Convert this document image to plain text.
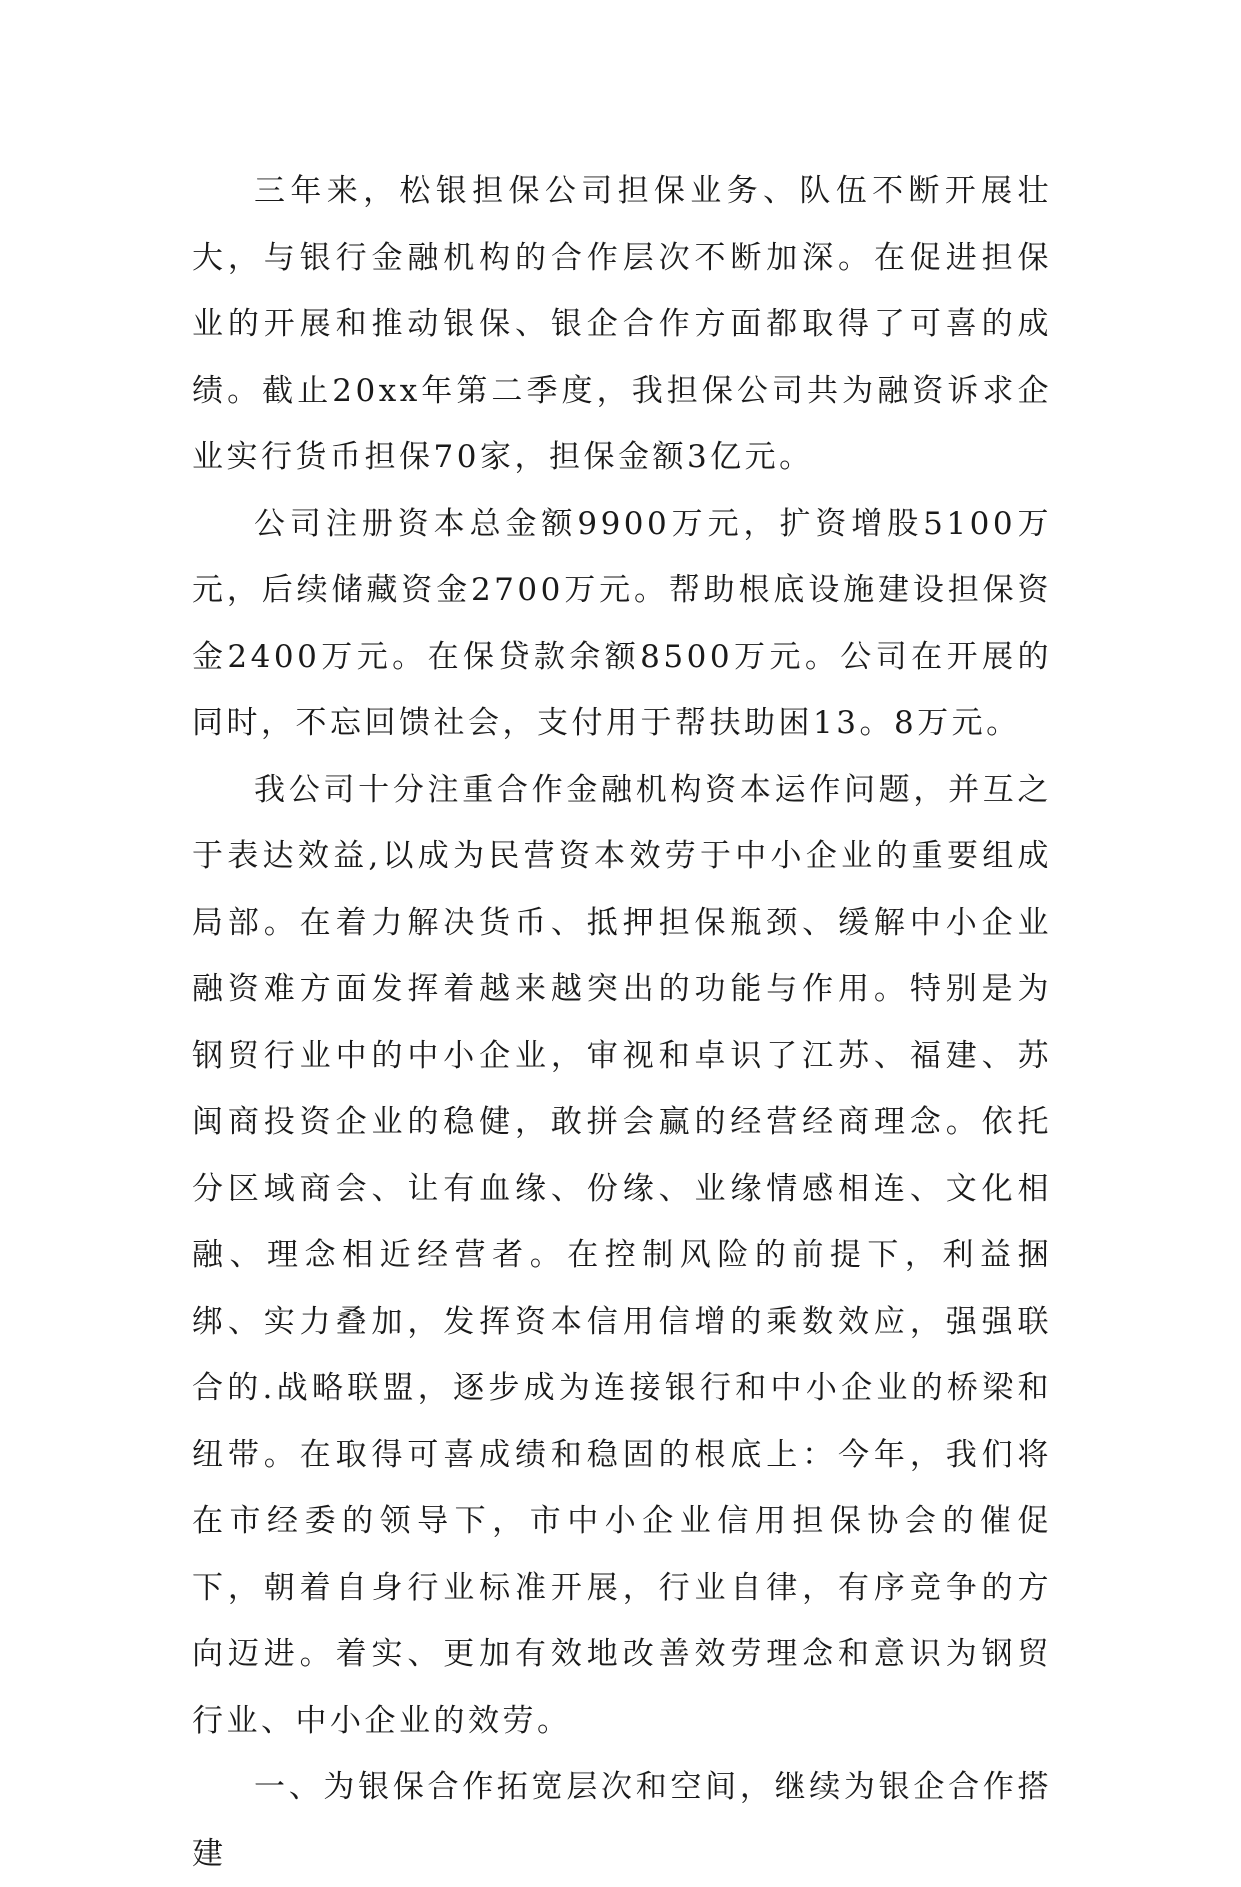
三年来，松银担保公司担保业务、队伍不断开展壮大，与银行金融机构的合作层次不断加深。在促进担保业的开展和推动银保、银企合作方面都取得了可喜的成绩。截止20xx年第二季度，我担保公司共为融资诉求企业实行货币担保70家，担保金额3亿元。

公司注册资本总金额9900万元，扩资增股5100万元，后续储藏资金2700万元。帮助根底设施建设担保资金2400万元。在保贷款余额8500万元。公司在开展的同时，不忘回馈社会，支付用于帮扶助困13。8万元。

我公司十分注重合作金融机构资本运作问题，并互之于表达效益,以成为民营资本效劳于中小企业的重要组成局部。在着力解决货币、抵押担保瓶颈、缓解中小企业融资难方面发挥着越来越突出的功能与作用。特别是为钢贸行业中的中小企业，审视和卓识了江苏、福建、苏闽商投资企业的稳健，敢拼会赢的经营经商理念。依托分区域商会、让有血缘、份缘、业缘情感相连、文化相融、理念相近经营者。在控制风险的前提下，利益捆绑、实力叠加，发挥资本信用信增的乘数效应，强强联合的.战略联盟，逐步成为连接银行和中小企业的桥梁和纽带。在取得可喜成绩和稳固的根底上：今年，我们将在市经委的领导下，市中小企业信用担保协会的催促下，朝着自身行业标准开展，行业自律，有序竞争的方向迈进。着实、更加有效地改善效劳理念和意识为钢贸行业、中小企业的效劳。

一、为银保合作拓宽层次和空间，继续为银企合作搭建
